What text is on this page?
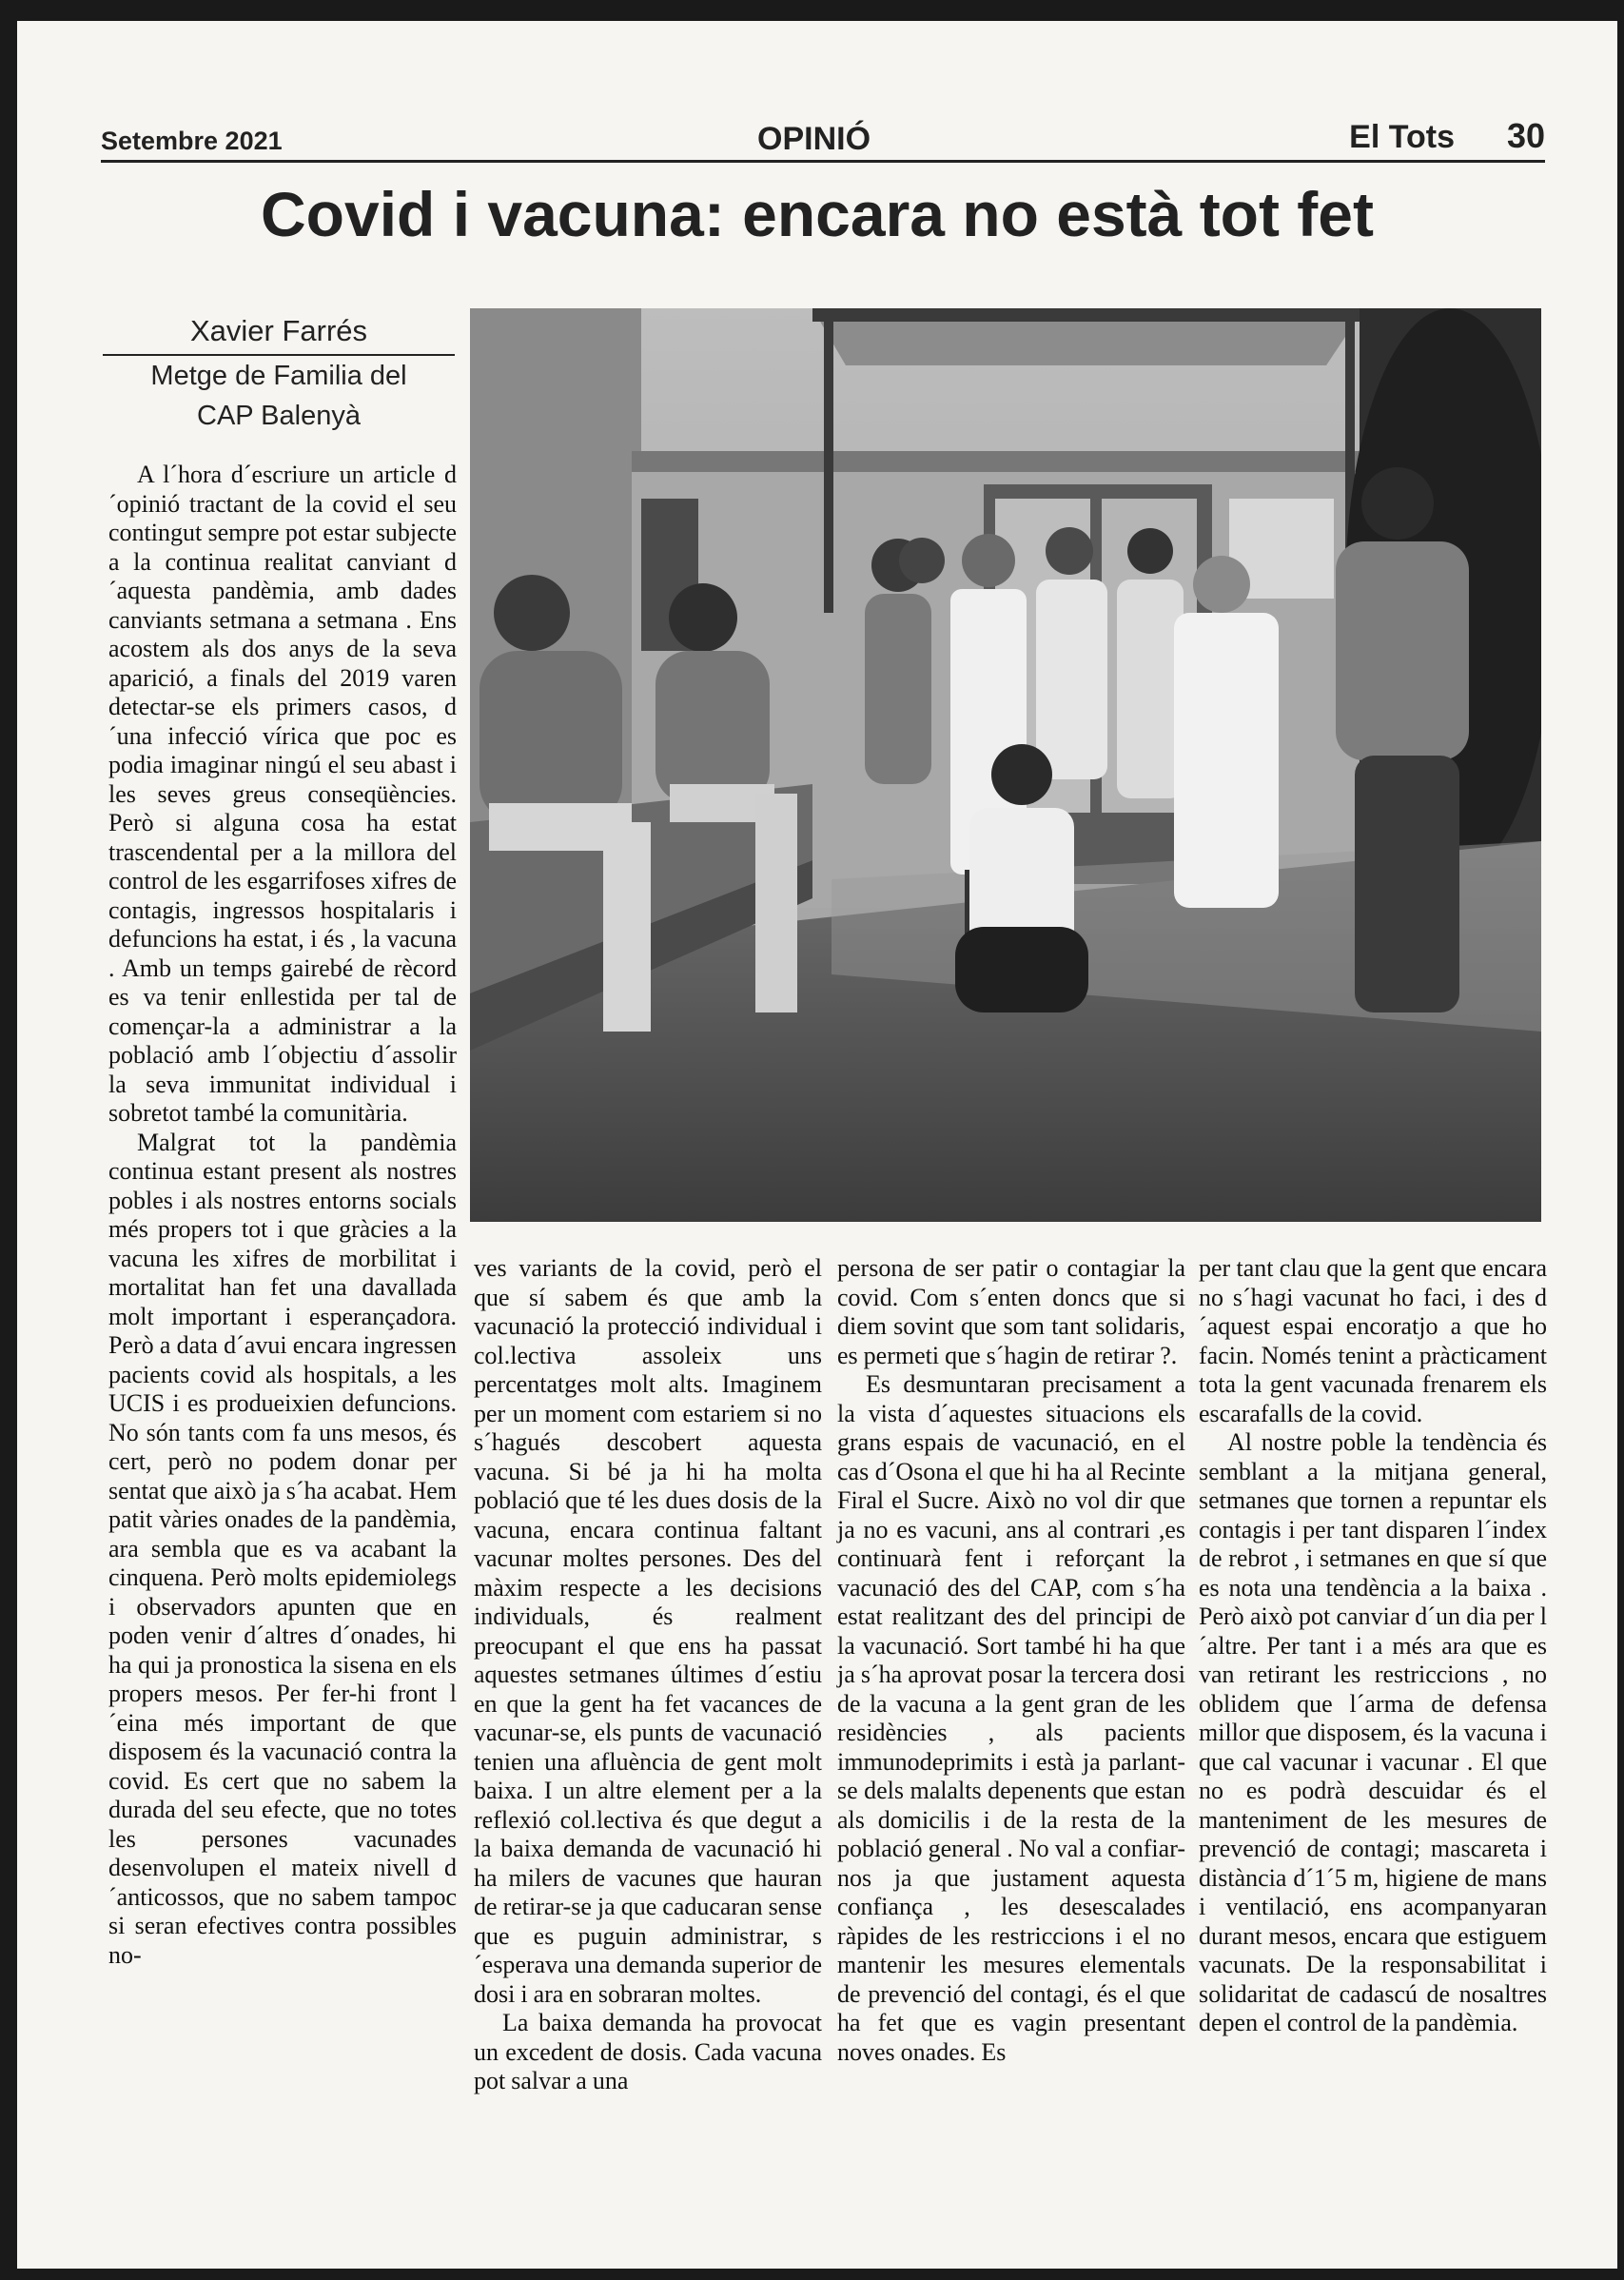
Setembre 2021	OPINIÓ	El Tots 30
Covid i vacuna: encara no està tot fet
Xavier Farrés
Metge de Familia del
CAP Balenyà

A l´hora d´escriure un article d´opinió tractant de la covid el seu contingut sempre pot estar subjecte a la continua realitat canviant d´aquesta pandèmia, amb dades canviants setmana a setmana . Ens acostem als dos anys de la seva aparició, a finals del 2019 varen detectar-se els primers casos, d´una infecció vírica que poc es podia imaginar ningú el seu abast i les seves greus conseqüències. Però si alguna cosa ha estat trascendental per a la millora del control de les esgarrifoses xifres de contagis, ingressos hospitalaris i defuncions ha estat, i és , la vacuna . Amb un temps gairebé de rècord es va tenir enllestida per tal de començar-la a administrar a la població amb l´objectiu d´assolir la seva immunitat individual i sobretot també la comunitària.

Malgrat tot la pandèmia continua estant present als nostres pobles i als nostres entorns socials més propers tot i que gràcies a la vacuna les xifres de morbilitat i mortalitat han fet una davallada molt important i esperançadora. Però a data d´avui encara ingressen pacients covid als hospitals, a les UCIS i es produeixien defuncions. No són tants com fa uns mesos, és cert, però no podem donar per sentat que això ja s´ha acabat. Hem patit vàries onades de la pandèmia, ara sembla que es va acabant la cinquena. Però molts epidemiolegs i observadors apunten que en poden venir d´altres d´onades, hi ha qui ja pronostica la sisena en els propers mesos. Per fer-hi front l´eina més important de que disposem és la vacunació contra la covid. Es cert que no sabem la durada del seu efecte, que no totes les persones vacunades desenvolupen el mateix nivell d´anticossos, que no sabem tampoc si seran efectives contra possibles no-

ves variants de la covid, però el que sí sabem és que amb la vacunació la protecció individual i col.lectiva assoleix uns percentatges molt alts. Imaginem per un moment com estariem si no s´hagués descobert aquesta vacuna. Si bé ja hi ha molta població que té les dues dosis de la vacuna, encara continua faltant vacunar moltes persones. Des del màxim respecte a les decisions individuals, és realment preocupant el que ens ha passat aquestes setmanes últimes d´estiu en que la gent ha fet vacances de vacunar-se, els punts de vacunació tenien una afluència de gent molt baixa. I un altre element per a la reflexió col.lectiva és que degut a la baixa demanda de vacunació hi ha milers de vacunes que hauran de retirar-se ja que caducaran sense que es puguin administrar, s´esperava una demanda superior de dosi i ara en sobraran moltes.

La baixa demanda ha provocat un excedent de dosis. Cada vacuna pot salvar a una

persona de ser patir o contagiar la covid. Com s´enten doncs que si diem sovint que som tant solidaris, es permeti que s´hagin de retirar ?.

Es desmuntaran precisament a la vista d´aquestes situacions els grans espais de vacunació, en el cas d´Osona el que hi ha al Recinte Firal el Sucre. Això no vol dir que ja no es vacuni, ans al contrari ,es continuarà fent i reforçant la vacunació des del CAP, com s´ha estat realitzant des del principi de la vacunació. Sort també hi ha que ja s´ha aprovat posar la tercera dosi de la vacuna a la gent gran de les residències , als pacients immunodeprimits i està ja parlant-se dels malalts depenents que estan als domicilis i de la resta de la població general . No val a confiar-nos ja que justament aquesta confiança , les desescalades ràpides de les restriccions i el no mantenir les mesures elementals de prevenció del contagi, és el que ha fet que es vagin presentant noves onades. Es

per tant clau que la gent que encara no s´hagi vacunat ho faci, i des d´aquest espai encoratjo a que ho facin. Només tenint a pràcticament tota la gent vacunada frenarem els escarafalls de la covid.

Al nostre poble la tendència és semblant a la mitjana general, setmanes que tornen a repuntar els contagis i per tant disparen l´index de rebrot , i setmanes en que sí que es nota una tendència a la baixa . Però això pot canviar d´un dia per l´altre. Per tant i a més ara que es van retirant les restriccions , no oblidem que l´arma de defensa millor que disposem, és la vacuna i que cal vacunar i vacunar . El que no es podrà descuidar és el manteniment de les mesures de prevenció de contagi; mascareta i distància d´1´5 m, higiene de mans i ventilació, ens acompanyaran durant mesos, encara que estiguem vacunats. De la responsabilitat i solidaritat de cadascú de nosaltres depen el control de la pandèmia.
